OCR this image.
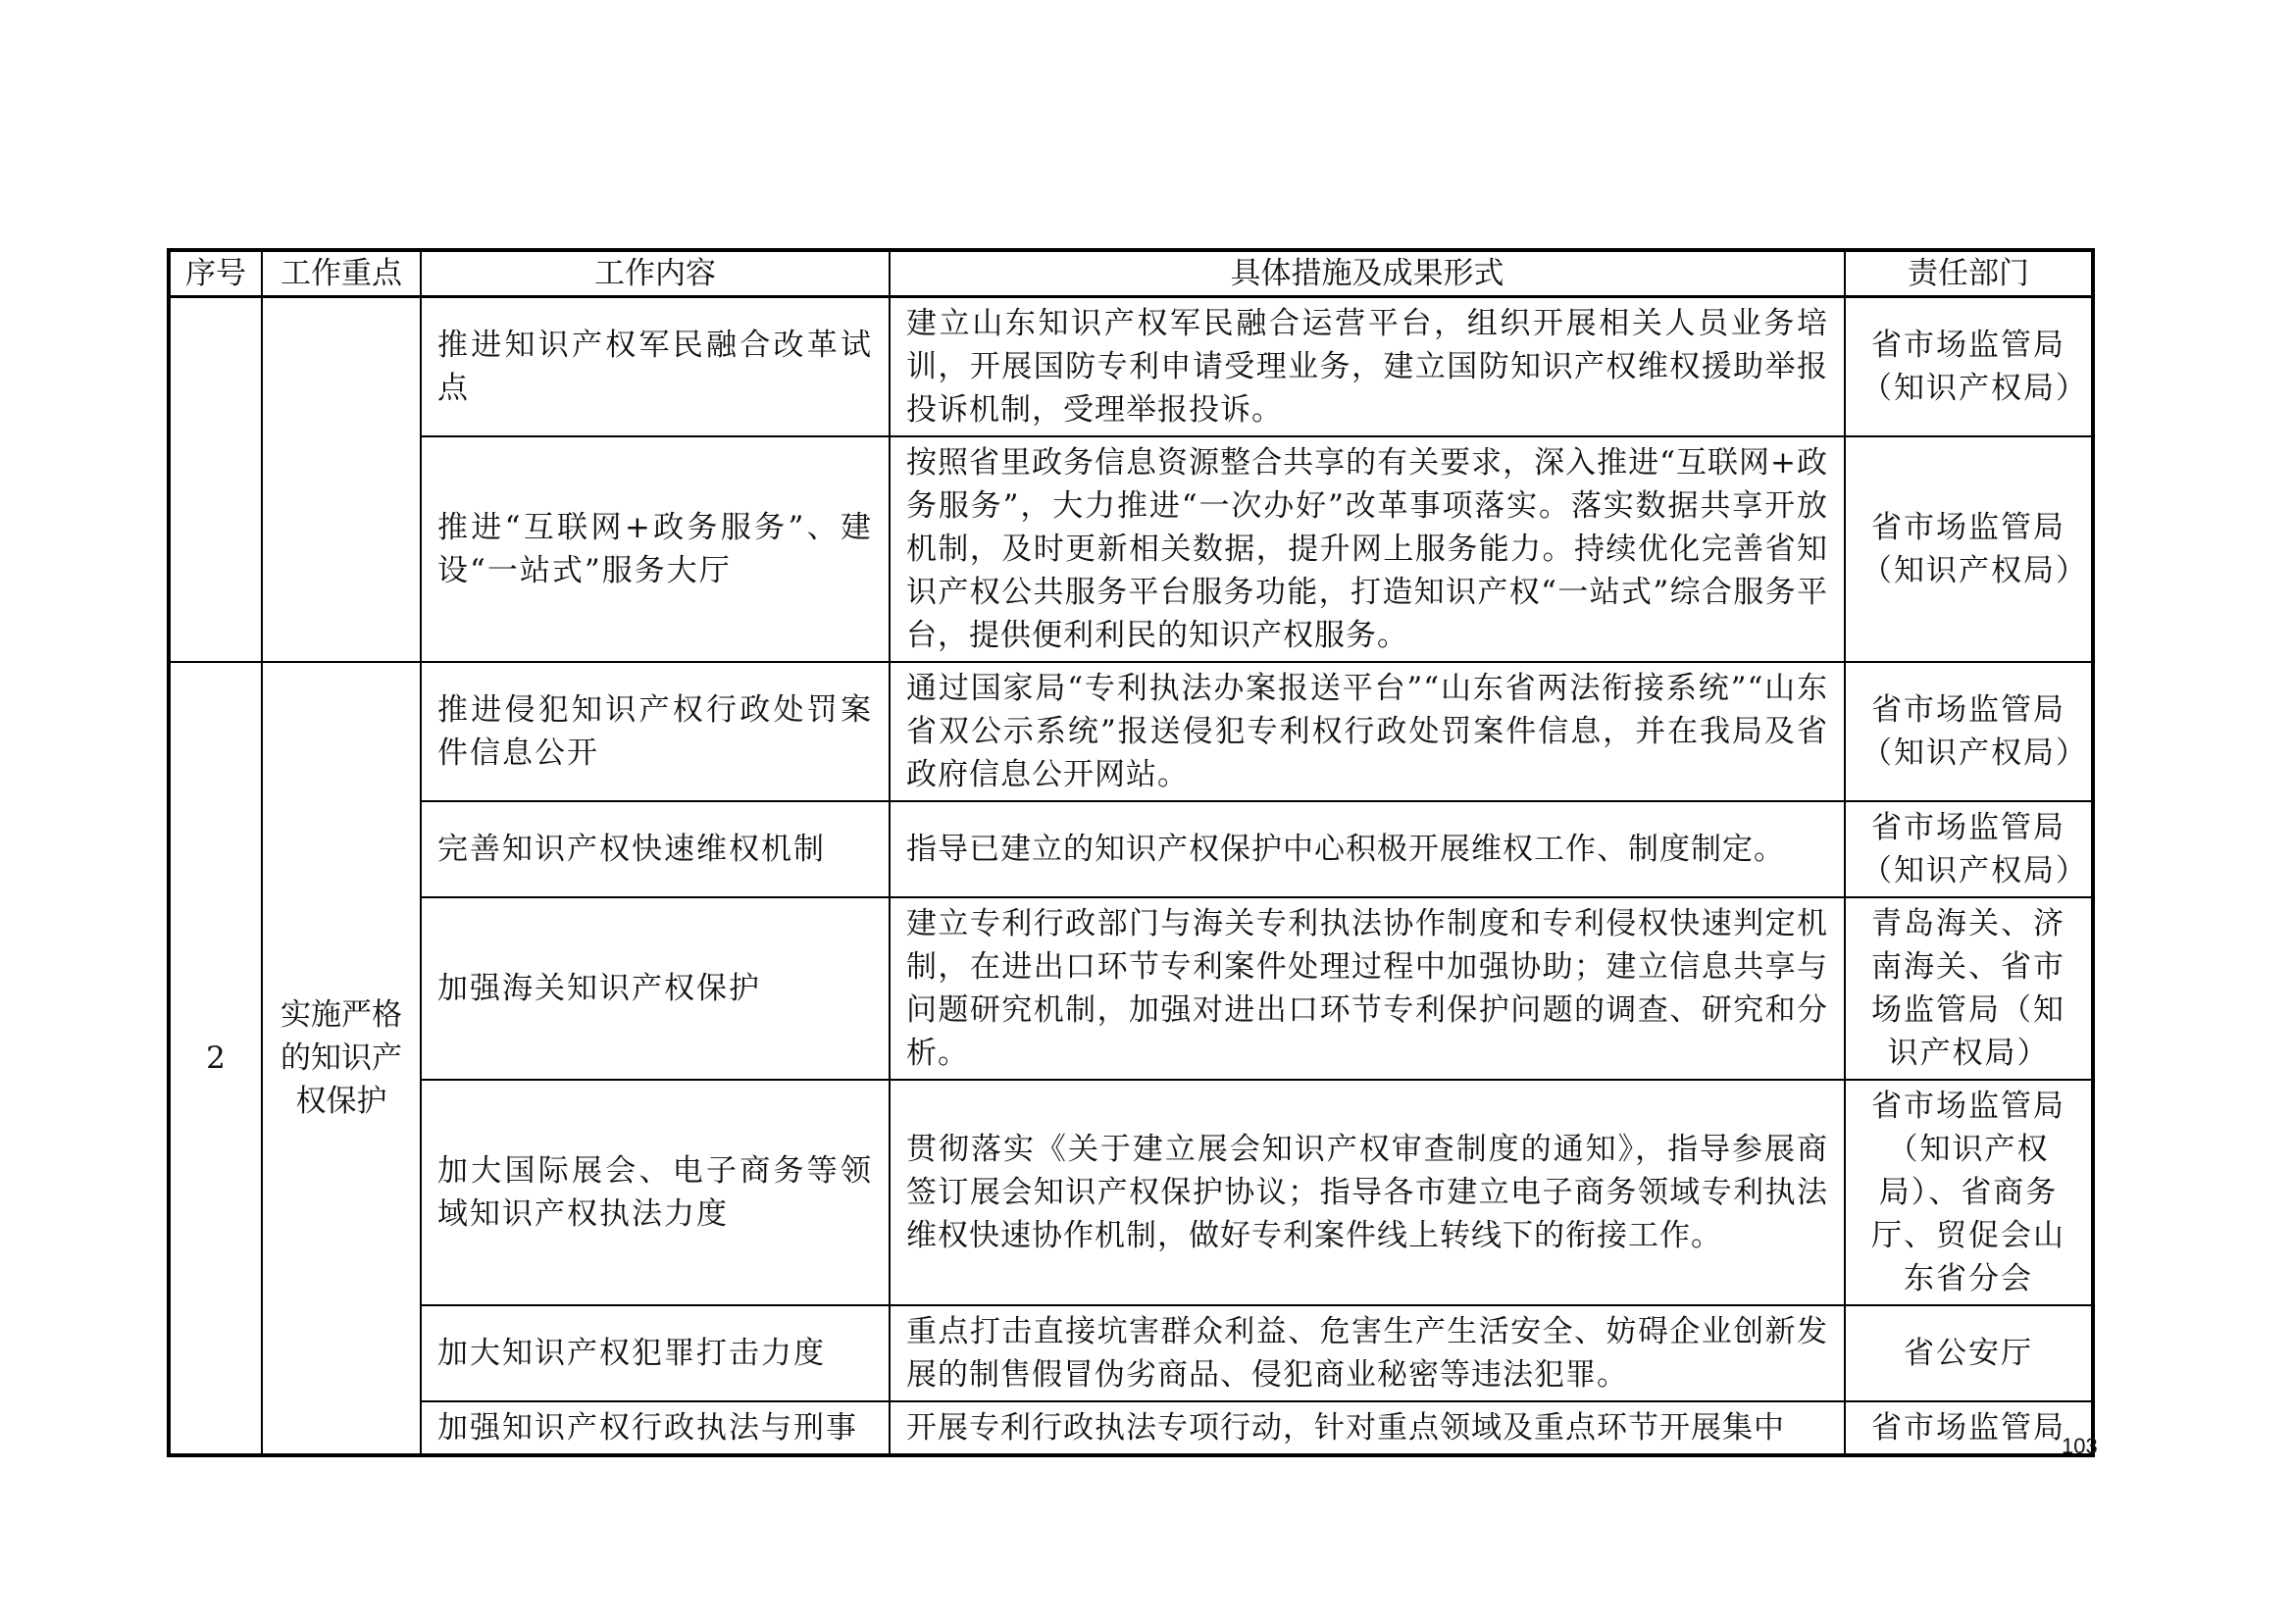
序号	工作重点	工作内容	具体措施及成果形式	责任部门
		推进知识产权军民融合改革试点	建立山东知识产权军民融合运营平台，组织开展相关人员业务培训，开展国防专利申请受理业务，建立国防知识产权维权援助举报投诉机制，受理举报投诉。	省市场监管局（知识产权局）
		推进“互联网+政务服务”、建设“一站式”服务大厅	按照省里政务信息资源整合共享的有关要求，深入推进“互联网+政务服务”，大力推进“一次办好”改革事项落实。落实数据共享开放机制，及时更新相关数据，提升网上服务能力。持续优化完善省知识产权公共服务平台服务功能，打造知识产权“一站式”综合服务平台，提供便利利民的知识产权服务。	省市场监管局（知识产权局）
2	实施严格的知识产权保护	推进侵犯知识产权行政处罚案件信息公开	通过国家局“专利执法办案报送平台”“山东省两法衔接系统”“山东省双公示系统”报送侵犯专利权行政处罚案件信息，并在我局及省政府信息公开网站。	省市场监管局（知识产权局）
		完善知识产权快速维权机制	指导已建立的知识产权保护中心积极开展维权工作、制度制定。	省市场监管局（知识产权局）
		加强海关知识产权保护	建立专利行政部门与海关专利执法协作制度和专利侵权快速判定机制，在进出口环节专利案件处理过程中加强协助；建立信息共享与问题研究机制，加强对进出口环节专利保护问题的调查、研究和分析。	青岛海关、济南海关、省市场监管局（知识产权局）
		加大国际展会、电子商务等领域知识产权执法力度	贯彻落实《关于建立展会知识产权审查制度的通知》，指导参展商签订展会知识产权保护协议；指导各市建立电子商务领域专利执法维权快速协作机制，做好专利案件线上转线下的衔接工作。	省市场监管局（知识产权局）、省商务厅、贸促会山东省分会
		加大知识产权犯罪打击力度	重点打击直接坑害群众利益、危害生产生活安全、妨碍企业创新发展的制售假冒伪劣商品、侵犯商业秘密等违法犯罪。	省公安厅
		加强知识产权行政执法与刑事	开展专利行政执法专项行动，针对重点领域及重点环节开展集中	省市场监管局
103
